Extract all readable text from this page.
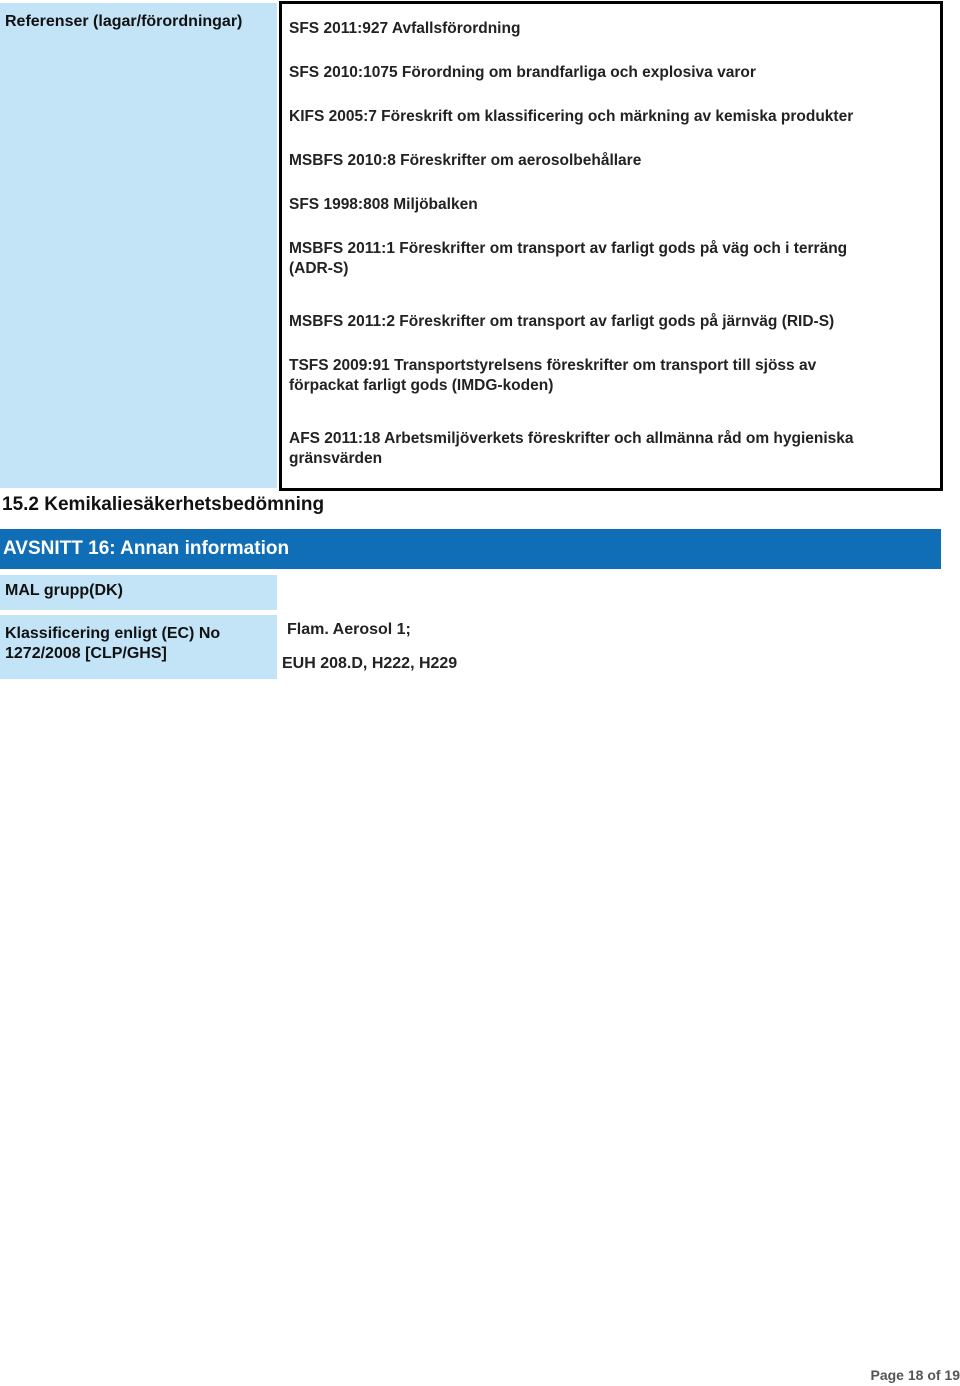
Referenser (lagar/förordningar)	SFS 2011:927 Avfallsförordning
SFS 2010:1075 Förordning om brandfarliga och explosiva varor
KIFS 2005:7 Föreskrift om klassificering och märkning av kemiska produkter
MSBFS 2010:8 Föreskrifter om aerosolbehållare
SFS 1998:808 Miljöbalken
MSBFS 2011:1 Föreskrifter om transport av farligt gods på väg och i terräng (ADR-S)
MSBFS 2011:2 Föreskrifter om transport av farligt gods på järnväg (RID-S)
TSFS 2009:91 Transportstyrelsens föreskrifter om transport till sjöss av förpackat farligt gods (IMDG-koden)
AFS 2011:18 Arbetsmiljöverkets föreskrifter och allmänna råd om hygieniska gränsvärden
15.2 Kemikaliesäkerhetsbedömning
AVSNITT 16: Annan information
MAL grupp(DK)
Klassificering enligt (EC) No 1272/2008 [CLP/GHS]
Flam. Aerosol 1;
EUH 208.D, H222, H229
Page 18 of 19
